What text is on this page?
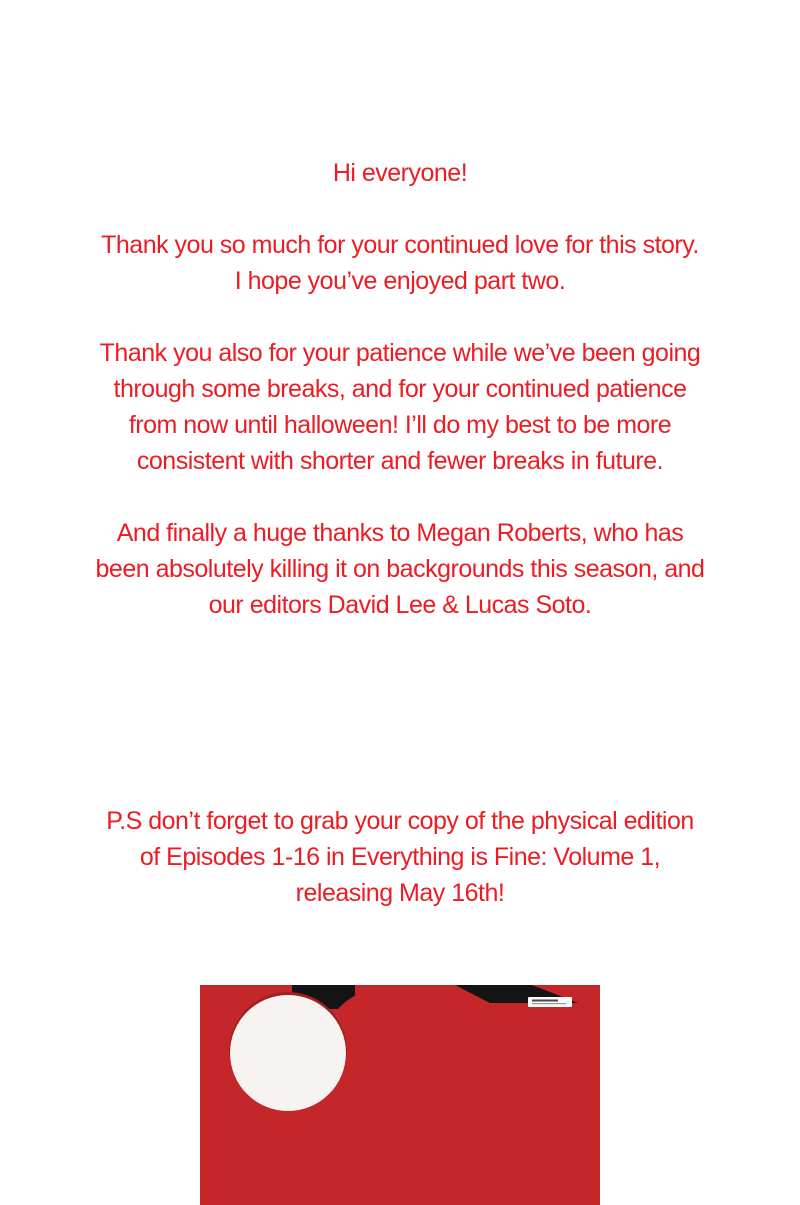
Hi everyone!

Thank you so much for your continued love for this story.
I hope you’ve enjoyed part two.

Thank you also for your patience while we’ve been going
through some breaks, and for your continued patience
from now until halloween! I’ll do my best to be more
consistent with shorter and fewer breaks in future.

And finally a huge thanks to Megan Roberts, who has
been absolutely killing it on backgrounds this season, and
our editors David Lee & Lucas Soto.

P.S don’t forget to grab your copy of the physical edition
of Episodes 1-16 in Everything is Fine: Volume 1,
releasing May 16th!
